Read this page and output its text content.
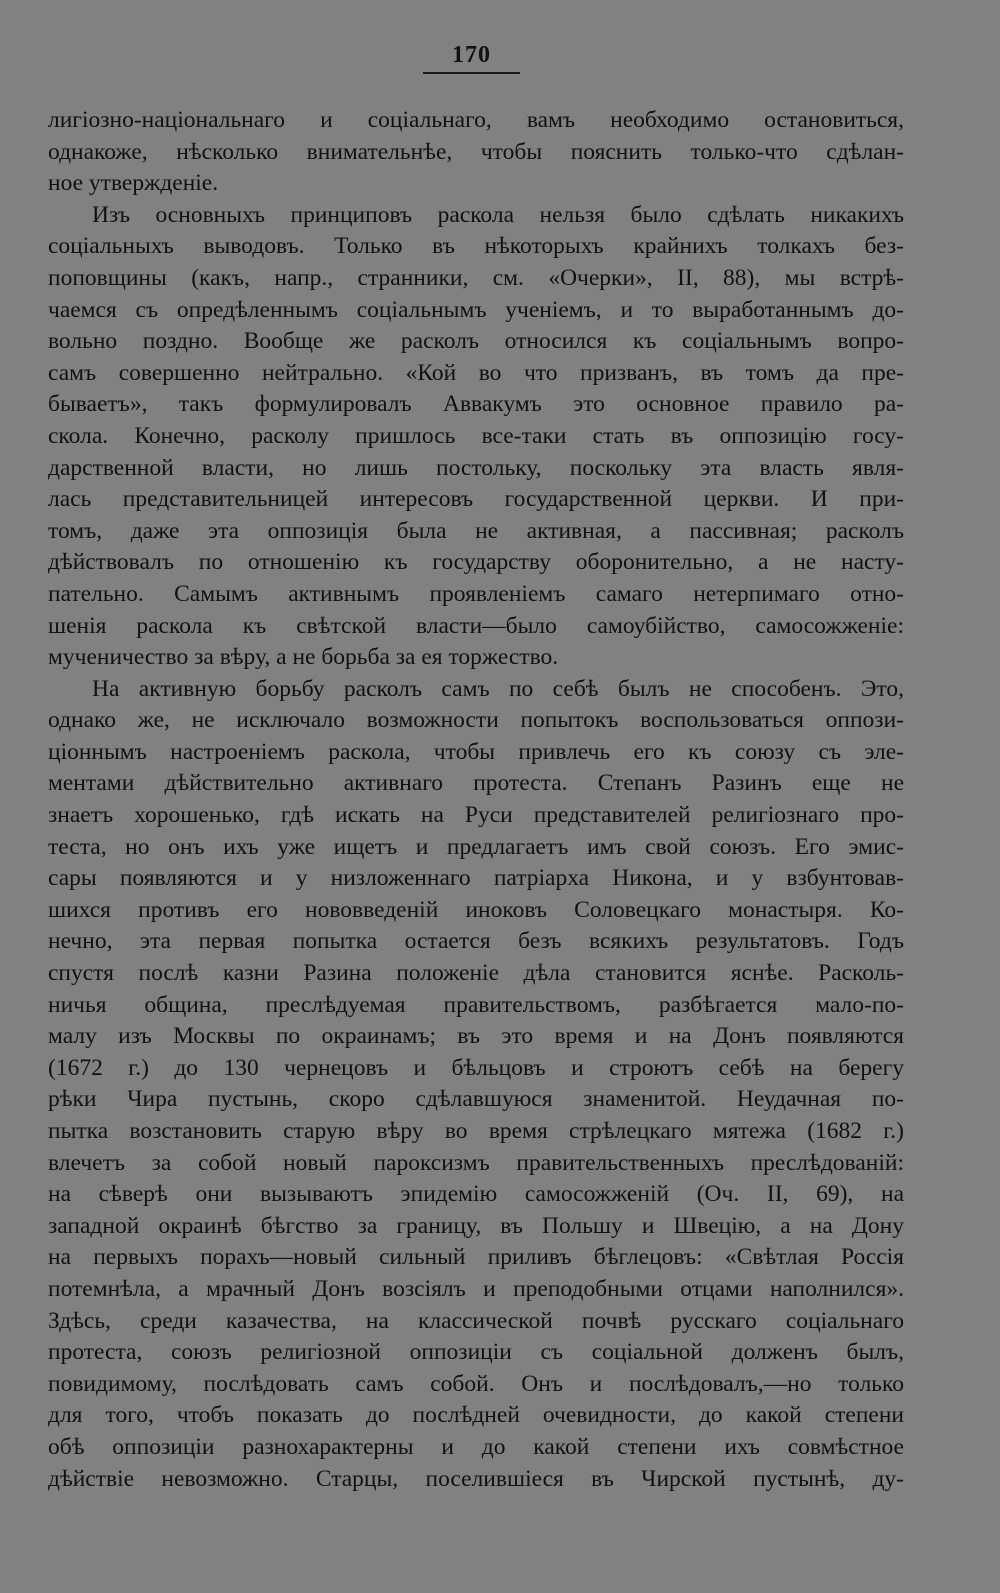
170
лигіозно-національнаго и соціальнаго, вамъ необходимо остановиться,
однакоже, нѣсколько внимательнѣе, чтобы пояснить только-что сдѣлан-
ное утвержденіе.
Изъ основныхъ принциповъ раскола нельзя было сдѣлать никакихъ
соціальныхъ выводовъ. Только въ нѣкоторыхъ крайнихъ толкахъ без-
поповщины (какъ, напр., странники, см. «Очерки», II, 88), мы встрѣ-
чаемся съ опредѣленнымъ соціальнымъ ученіемъ, и то выработаннымъ до-
вольно поздно. Вообще же расколъ относился къ соціальнымъ вопро-
самъ совершенно нейтрально. «Кой во что призванъ, въ томъ да пре-
бываетъ», такъ формулировалъ Аввакумъ это основное правило ра-
скола. Конечно, расколу пришлось все-таки стать въ оппозицію госу-
дарственной власти, но лишь постольку, поскольку эта власть явля-
лась представительницей интересовъ государственной церкви. И при-
томъ, даже эта оппозиція была не активная, а пассивная; расколъ
дѣйствовалъ по отношенію къ государству оборонительно, а не насту-
пательно. Самымъ активнымъ проявленіемъ самаго нетерпимаго отно-
шенія раскола къ свѣтской власти—было самоубійство, самосожженіе:
мученичество за вѣру, а не борьба за ея торжество.
На активную борьбу расколъ самъ по себѣ былъ не способенъ. Это,
однако же, не исключало возможности попытокъ воспользоваться оппози-
ціоннымъ настроеніемъ раскола, чтобы привлечь его къ союзу съ эле-
ментами дѣйствительно активнаго протеста. Степанъ Разинъ еще не
знаетъ хорошенько, гдѣ искать на Руси представителей религіознаго про-
теста, но онъ ихъ уже ищетъ и предлагаетъ имъ свой союзъ. Его эмис-
сары появляются и у низложеннаго патріарха Никона, и у взбунтовав-
шихся противъ его нововведеній иноковъ Соловецкаго монастыря. Ко-
нечно, эта первая попытка остается безъ всякихъ результатовъ. Годъ
спустя послѣ казни Разина положеніе дѣла становится яснѣе. Расколь-
ничья община, преслѣдуемая правительствомъ, разбѣгается мало-по-
малу изъ Москвы по окраинамъ; въ это время и на Донъ появляются
(1672 г.) до 130 чернецовъ и бѣльцовъ и строютъ себѣ на берегу
рѣки Чира пустынь, скоро сдѣлавшуюся знаменитой. Неудачная по-
пытка возстановить старую вѣру во время стрѣлецкаго мятежа (1682 г.)
влечетъ за собой новый пароксизмъ правительственныхъ преслѣдованій:
на сѣверѣ они вызываютъ эпидемію самосожженій (Оч. II, 69), на
западной окраинѣ бѣгство за границу, въ Польшу и Швецію, а на Дону
на первыхъ порахъ—новый сильный приливъ бѣглецовъ: «Свѣтлая Россія
потемнѣла, а мрачный Донъ возсіялъ и преподобными отцами наполнился».
Здѣсь, среди казачества, на классической почвѣ русскаго соціальнаго
протеста, союзъ религіозной оппозиціи съ соціальной долженъ былъ,
повидимому, послѣдовать самъ собой. Онъ и послѣдовалъ,—но только
для того, чтобъ показать до послѣдней очевидности, до какой степени
обѣ оппозиціи разнохарактерны и до какой степени ихъ совмѣстное
дѣйствіе невозможно. Старцы, поселившіеся въ Чирской пустынѣ, ду-
